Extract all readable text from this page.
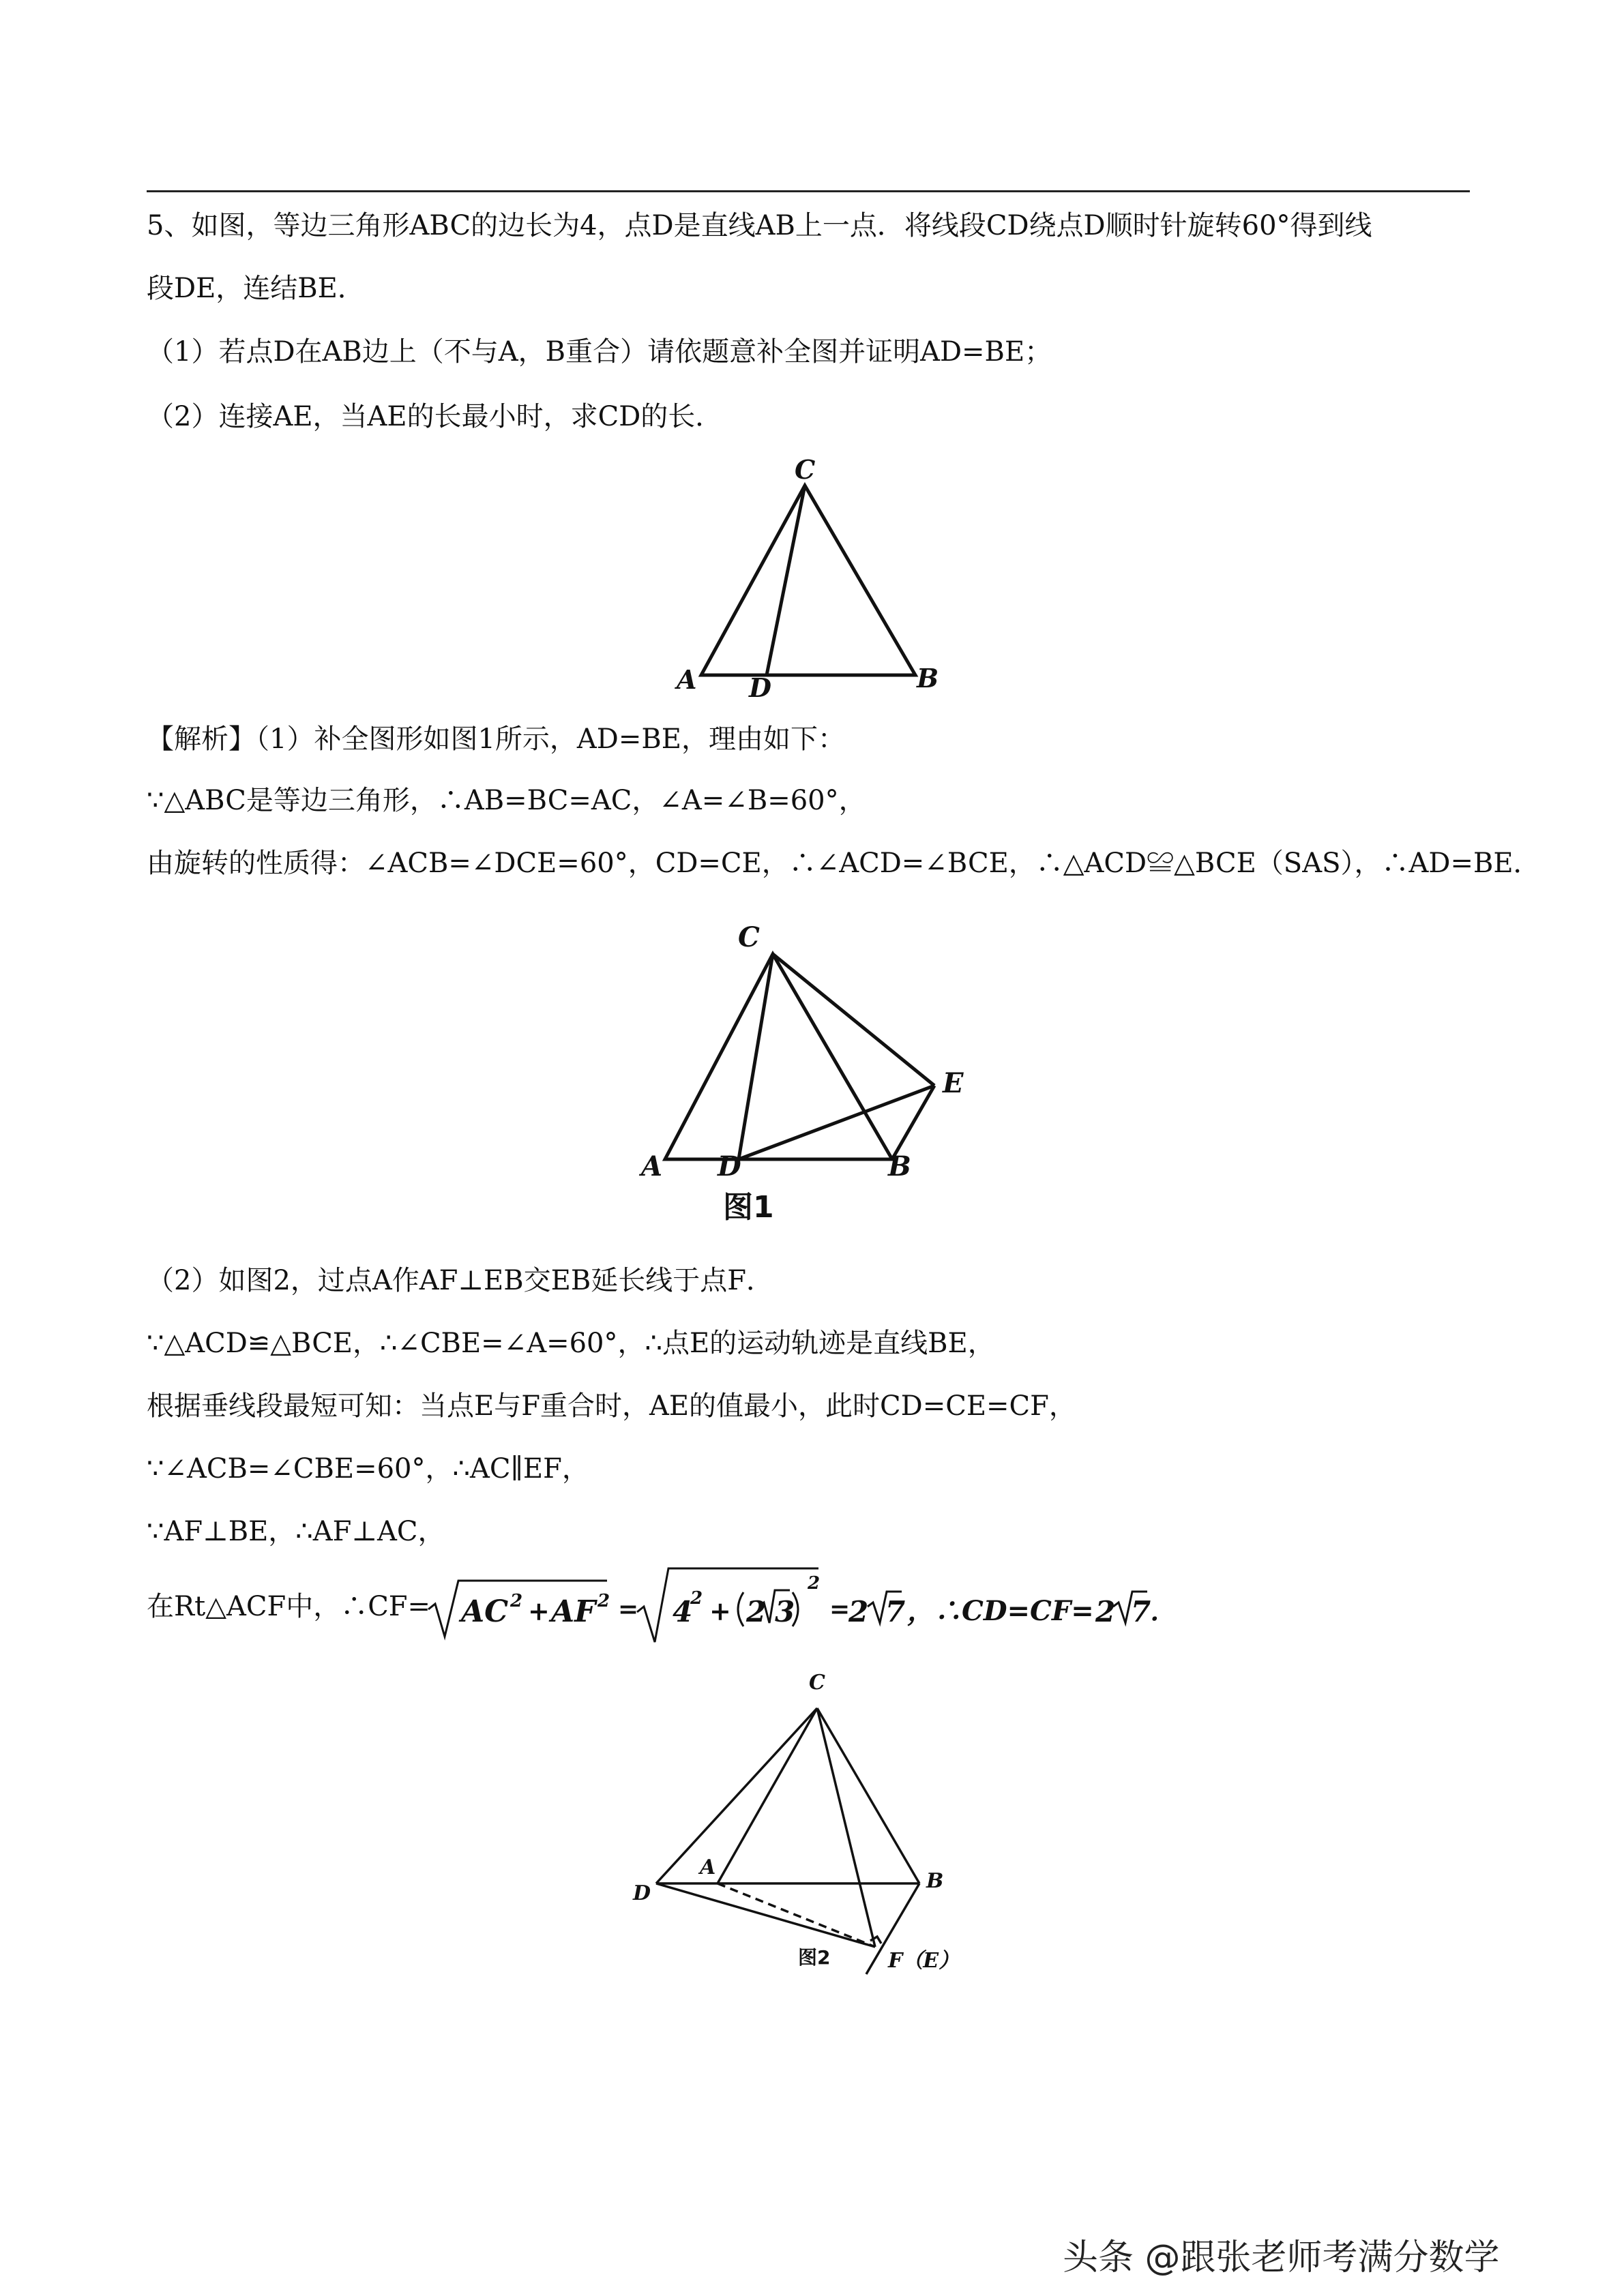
5、如图，等边三角形ABC的边长为4，点D是直线AB上一点．将线段CD绕点D顺时针旋转60°得到线
段DE，连结BE．
（1）若点D在AB边上（不与A，B重合）请依题意补全图并证明AD=BE；
（2）连接AE，当AE的长最小时，求CD的长．
C
A D	B
【解析】（1）补全图形如图1所示，AD=BE，理由如下：
∵△ABC是等边三角形，∴AB=BC=AC，∠A=∠B=60°，
由旋转的性质得：∠ACB=∠DCE=60°，CD=CE，∴∠ACD=∠BCE，∴△ACD≌△BCE（SAS），∴AD=BE．
C
A D	B
E
图1
（2）如图2，过点A作AF⊥EB交EB延长线于点F．
∵△ACD≌△BCE，∴∠CBE=∠A=60°，∴点E的运动轨迹是直线BE，
根据垂线段最短可知：当点E与F重合时，AE的值最小，此时CD=CE=CF，
∵∠ACB=∠CBE=60°，∴AC∥EF，
∵AF⊥BE，∴AF⊥AC，
在Rt△ACF中，∴CF= AC 2 + AF 2 = 4
2 + 2 3
2
=
2 7 ，∴CD=CF= 2 7
．
C
A
D
B
F（E）
图2
头条 @跟张老师考满分数学
